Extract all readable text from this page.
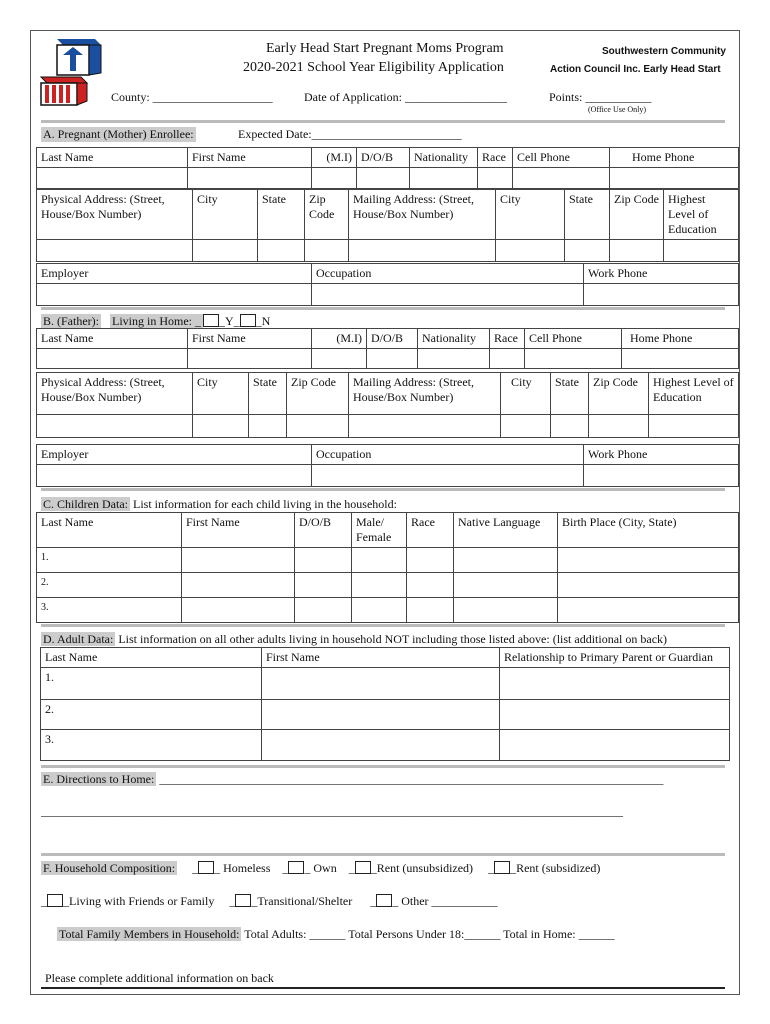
Early Head Start Pregnant Moms Program
2020-2021 School Year Eligibility Application
Southwestern Community
Action Council Inc. Early Head Start
County: ____________________	Date of Application: _________________	Points: ___________
(Office Use Only)
A. Pregnant (Mother) Enrollee:	Expected Date:_________________________
Last Name	First Name	(M.I)	D/O/B	Nationality	Race	Cell Phone	Home Phone

Physical Address: (Street, House/Box Number)	City	State	Zip Code	Mailing Address: (Street, House/Box Number)	City	State	Zip Code	Highest Level of Education

Employer	Occupation	Work Phone

B. (Father): Living in Home: _ _Y_ _N
Last Name	First Name	(M.I)	D/O/B	Nationality	Race	Cell Phone	Home Phone

Physical Address: (Street, House/Box Number)	City	State	Zip Code	Mailing Address: (Street, House/Box Number)	City	State	Zip Code	Highest Level of Education

Employer	Occupation	Work Phone

C. Children Data: List information for each child living in the household:
Last Name	First Name	D/O/B	Male/ Female	Race	Native Language	Birth Place (City, State)
1.						
2.						
3.						
D. Adult Data: List information on all other adults living in household NOT including those listed above: (list additional on back)
Last Name	First Name	Relationship to Primary Parent or Guardian
1.		
2.		
3.		
E. Directions to Home: ____________________________________________________________________________________
_________________________________________________________________________________________________
F. Household Composition:     _ _ Homeless    _ _ Own    _ _Rent (unsubsidized)     _ _Rent (subsidized)
_ _Living with Friends or Family     _ _Transitional/Shelter      _ _ Other ___________
Total Family Members in Household: Total Adults: ______ Total Persons Under 18:______ Total in Home: ______
Please complete additional information on back
